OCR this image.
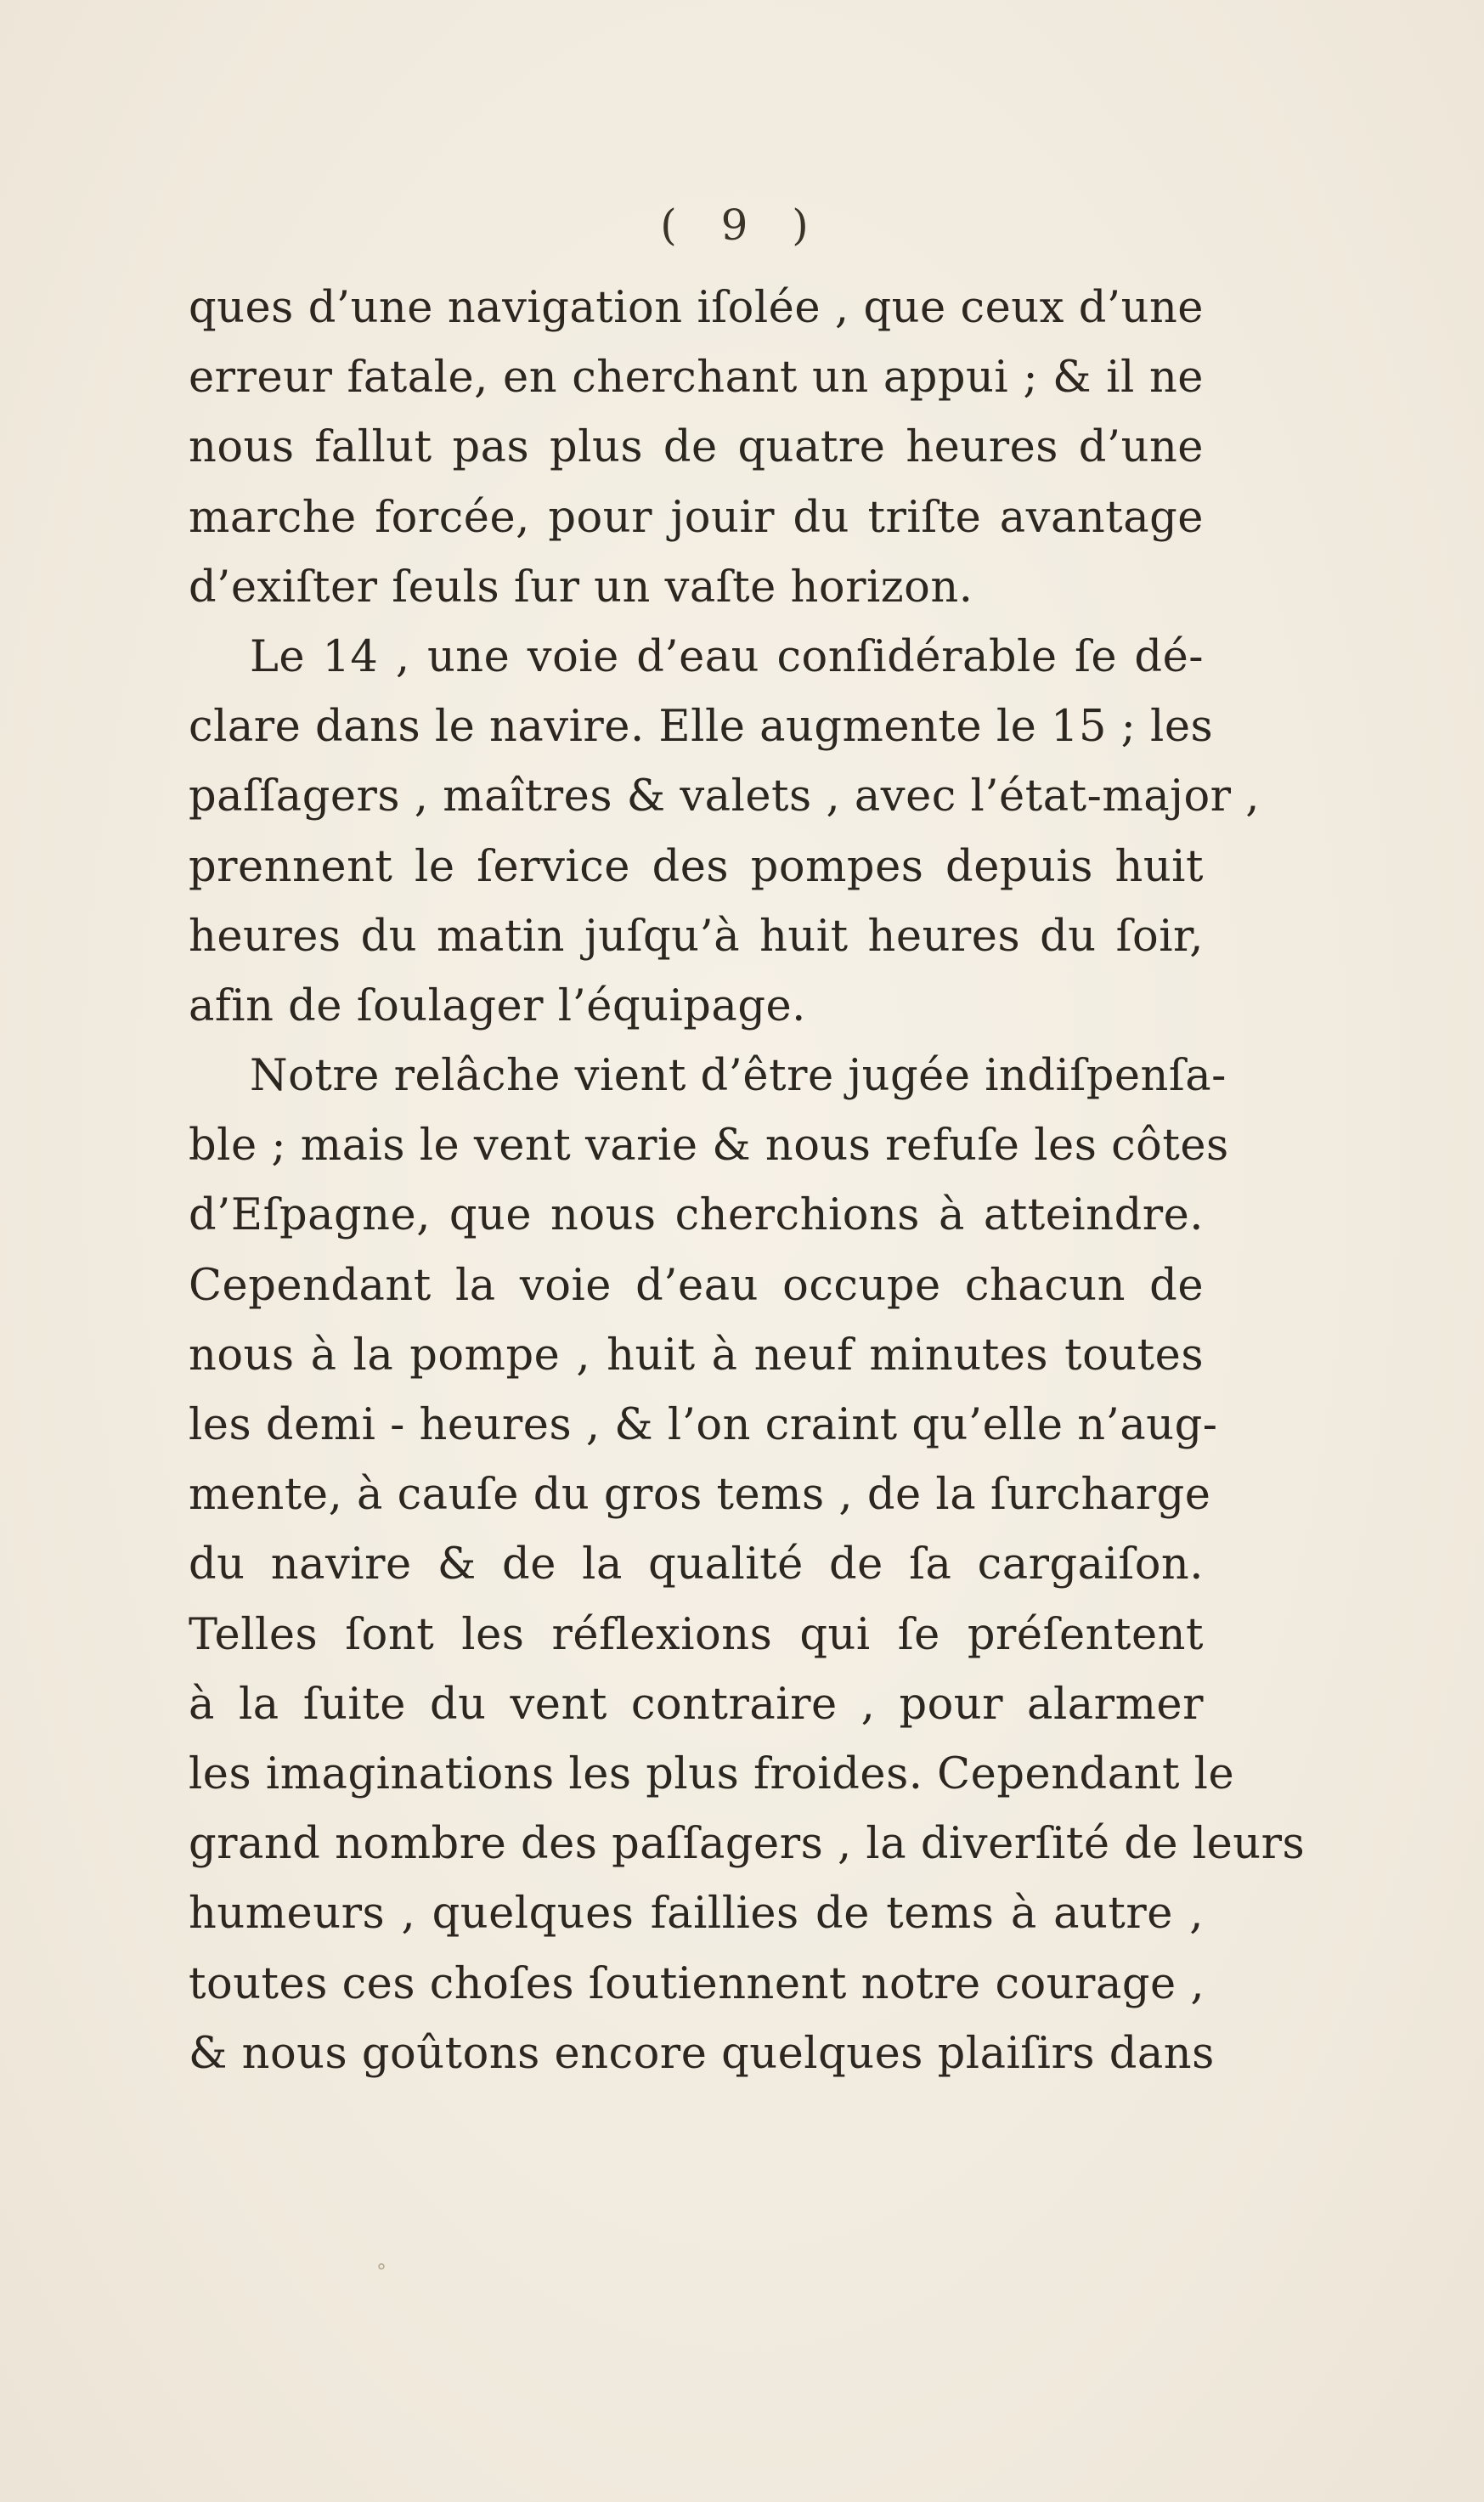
( 9 )
ques d’une navigation iſolée , que ceux d’une
erreur fatale, en cherchant un appui ; & il ne
nous fallut pas plus de quatre heures d’une
marche forcée, pour jouir du triſte avantage
d’exiſter ſeuls ſur un vaſte horizon.
Le 14 , une voie d’eau conſidérable ſe dé-
clare dans le navire. Elle augmente le 15 ; les
paſſagers , maîtres & valets , avec l’état-major ,
prennent le ſervice des pompes depuis huit
heures du matin juſqu’à huit heures du ſoir,
afin de ſoulager l’équipage.
Notre relâche vient d’être jugée indiſpenſa-
ble ; mais le vent varie & nous refuſe les côtes
d’Eſpagne, que nous cherchions à atteindre.
Cependant la voie d’eau occupe chacun de
nous à la pompe , huit à neuf minutes toutes
les demi - heures , & l’on craint qu’elle n’aug-
mente, à cauſe du gros tems , de la ſurcharge
du navire & de la qualité de ſa cargaiſon.
Telles ſont les réflexions qui ſe préſentent
à la ſuite du vent contraire , pour alarmer
les imaginations les plus froides. Cependant le
grand nombre des paſſagers , la diverſité de leurs
humeurs , quelques faillies de tems à autre ,
toutes ces choſes ſoutiennent notre courage ,
& nous goûtons encore quelques plaiſirs dans
°
